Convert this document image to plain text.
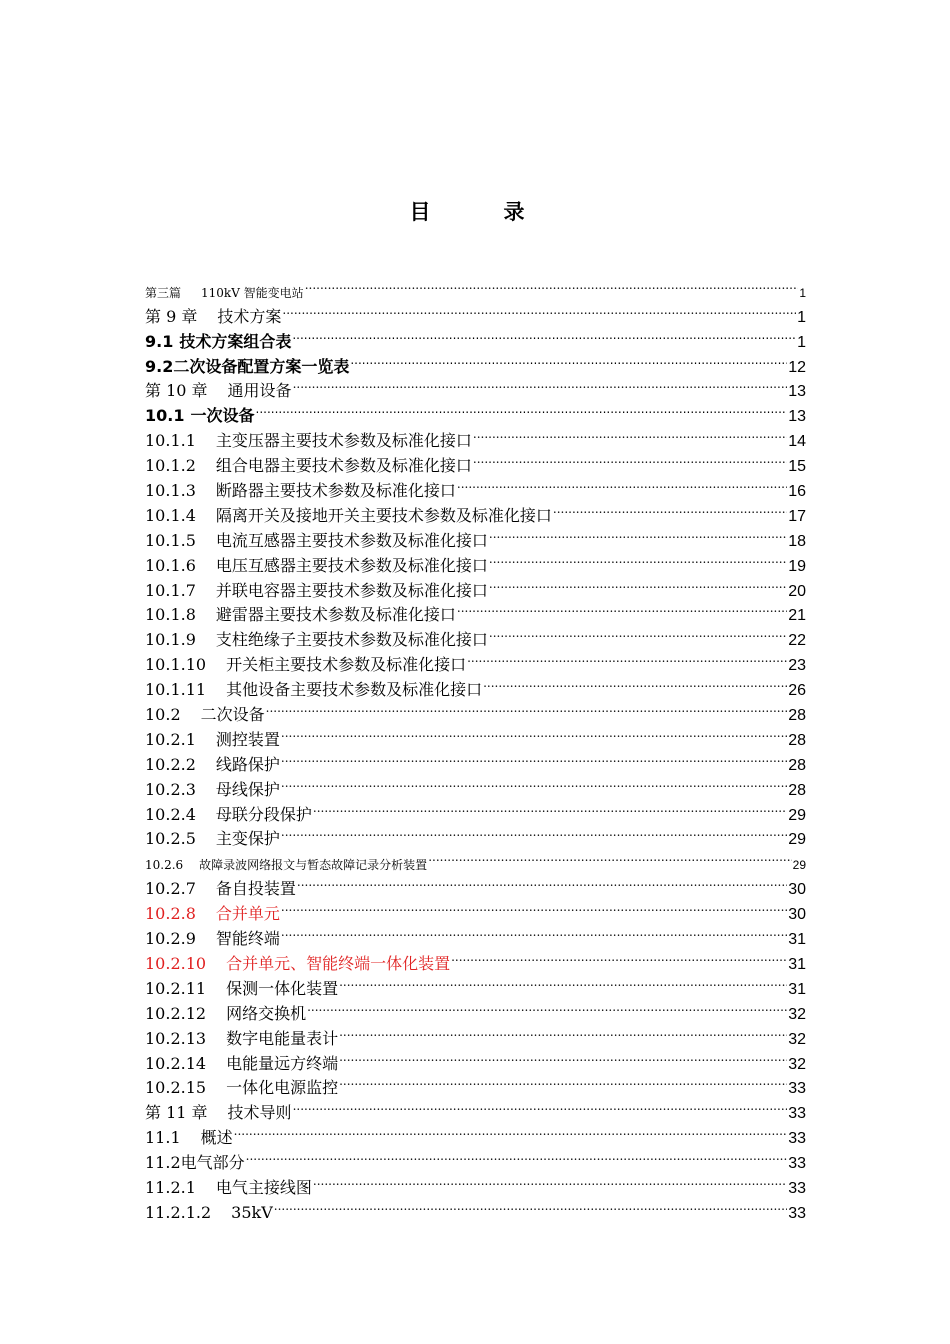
目　录
第三篇 110kV 智能变电站 .....	1
第 9 章 技术方案 .....	1
9.1 技术方案组合表 .....	1
9.2 二次设备配置方案一览表 .....	12
第 10 章 通用设备 .....	13
10.1 一次设备 .....	13
10.1.1 主变压器主要技术参数及标准化接口 .....	14
10.1.2 组合电器主要技术参数及标准化接口 .....	15
10.1.3 断路器主要技术参数及标准化接口 .....	16
10.1.4 隔离开关及接地开关主要技术参数及标准化接口 .....	17
10.1.5 电流互感器主要技术参数及标准化接口 .....	18
10.1.6 电压互感器主要技术参数及标准化接口 .....	19
10.1.7 并联电容器主要技术参数及标准化接口 .....	20
10.1.8 避雷器主要技术参数及标准化接口 .....	21
10.1.9 支柱绝缘子主要技术参数及标准化接口 .....	22
10.1.10 开关柜主要技术参数及标准化接口 .....	23
10.1.11 其他设备主要技术参数及标准化接口 .....	26
10.2 二次设备 .....	28
10.2.1 测控装置 .....	28
10.2.2 线路保护 .....	28
10.2.3 母线保护 .....	28
10.2.4 母联分段保护 .....	29
10.2.5 主变保护 .....	29
10.2.6 故障录波网络报文与暂态故障记录分析装置 .....	29
10.2.7 备自投装置 .....	30
10.2.8 合并单元 .....	30
10.2.9 智能终端 .....	31
10.2.10 合并单元、智能终端一体化装置 .....	31
10.2.11 保测一体化装置 .....	31
10.2.12 网络交换机 .....	32
10.2.13 数字电能量表计 .....	32
10.2.14 电能量远方终端 .....	32
10.2.15 一体化电源监控 .....	33
第 11 章 技术导则 .....	33
11.1 概述 .....	33
11.2 电气部分 .....	33
11.2.1 电气主接线图 .....	33
11.2.1.2 35kV .....	33
